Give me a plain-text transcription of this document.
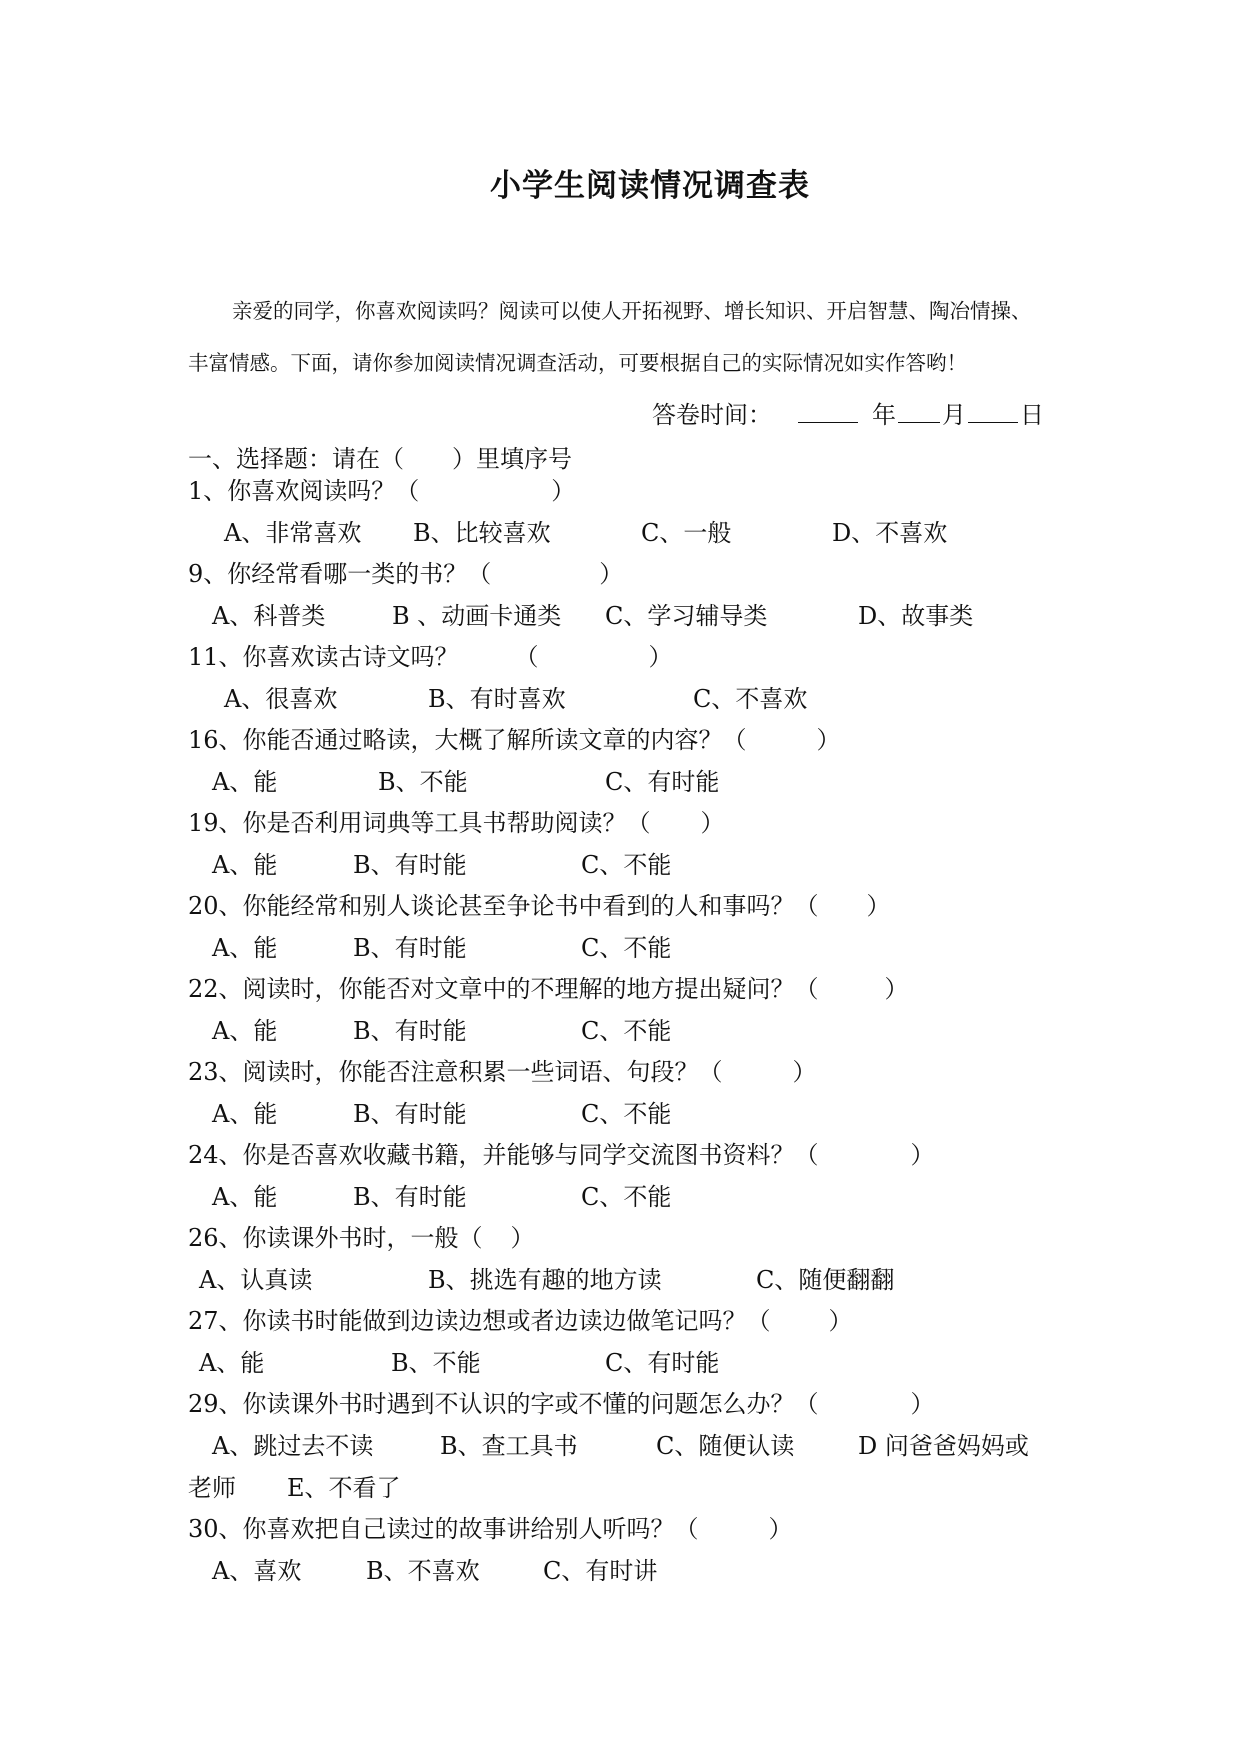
小学生阅读情况调查表
亲爱的同学，你喜欢阅读吗？阅读可以使人开拓视野、增长知识、开启智慧、陶冶情操、
丰富情感。下面，请你参加阅读情况调查活动，可要根据自己的实际情况如实作答哟！
答卷时间：	年 月 日
一、选择题：请在（ ）里填序号
1、你喜欢阅读吗？（	）
A、非常喜欢 B、比较喜欢	C、一般	D、不喜欢
9、你经常看哪一类的书？（	）
A、科普类	B 、动画卡通类 C、学习辅导类	D、故事类
11、你喜欢读古诗文吗？ （	）
A、很喜欢	B、有时喜欢	C、不喜欢
16、你能否通过略读，大概了解所读文章的内容？（	）
A、能	B、不能	C、有时能
19、你是否利用词典等工具书帮助阅读？（ ）
A、能	B、有时能	C、不能
20、你能经常和别人谈论甚至争论书中看到的人和事吗？（ ）
A、能	B、有时能	C、不能
22、阅读时，你能否对文章中的不理解的地方提出疑问？（	）
A、能	B、有时能	C、不能
23、阅读时，你能否注意积累一些词语、句段？（	）
A、能	B、有时能	C、不能
24、你是否喜欢收藏书籍，并能够与同学交流图书资料？（	）
A、能	B、有时能	C、不能
26、你读课外书时，一般（ ）
A、认真读	B、挑选有趣的地方读	C、随便翻翻
27、你读书时能做到边读边想或者边读边做笔记吗？（ ）
A、能	B、不能	C、有时能
29、你读课外书时遇到不认识的字或不懂的问题怎么办？（	）
A、跳过去不读	B、查工具书	C、随便认读	D 问爸爸妈妈或
老师 E、不看了
30、你喜欢把自己读过的故事讲给别人听吗？（	）
A、喜欢	B、不喜欢	C、有时讲
